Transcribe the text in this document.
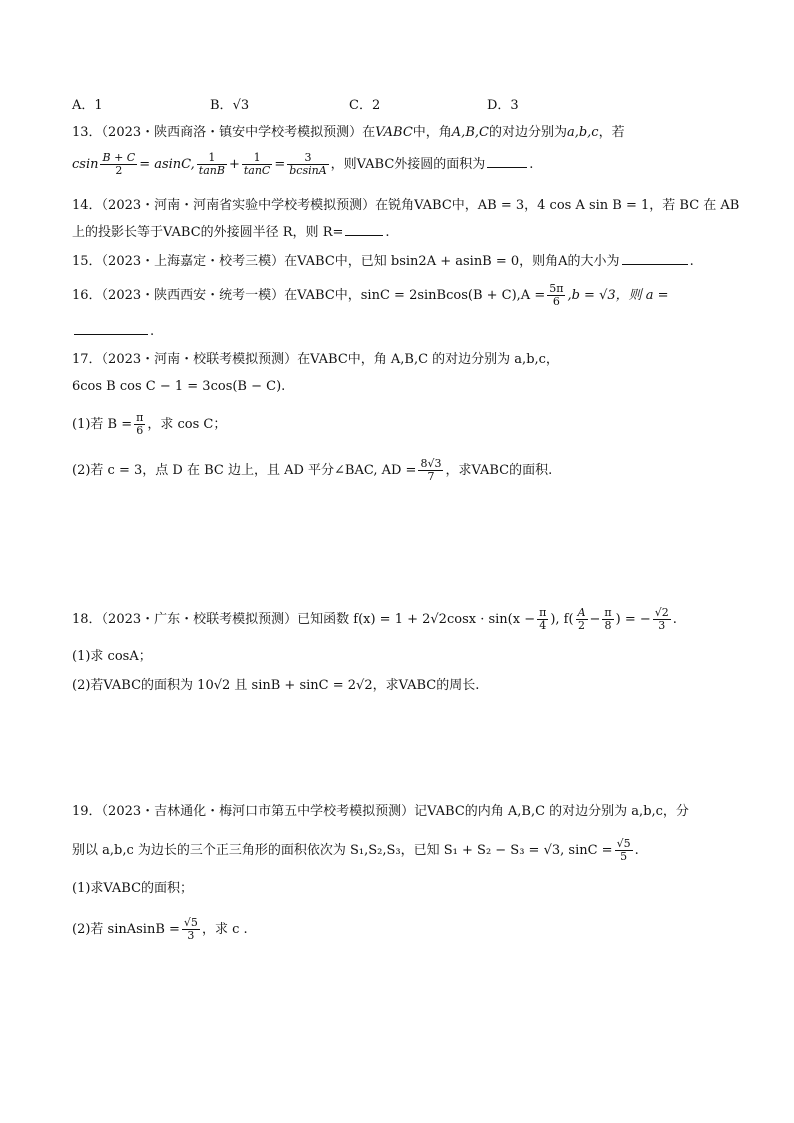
A．1	B．√3	C．2	D．3
13．（2023・陕西商洛・镇安中学校考模拟预测）在VABC中，角A,B,C的对边分别为a,b,c，若
csin $\frac{B + C}{2} = asinC$, $\frac{1}{\tan B} + \frac{1}{\tan C} = \frac{3}{bcsinA}$ ，则VABC外接圆的面积为	.
14．（2023・河南・河南省实验中学校考模拟预测）在锐角VABC中，AB = 3，4 cos A sin B = 1，若 BC 在 AB
上的投影长等于VABC的外接圆半径 R，则 R=	.
15．（2023・上海嘉定・校考三模）在VABC中，已知 bsin2A + asinB = 0，则角A的大小为	.
16．（2023・陕西西安・统考一模）在VABC中，sinC = 2sinBcos(B + $C),A = \frac{5\pi}{6} ,b = √3$，则 a =
.
17．（2023・河南・校联考模拟预测）在VABC中，角 A,B,C 的对边分别为 a,b,c，
6cos B cos C − 1 = 3cos(B − C).
(1)若 $B = \frac{\pi}{6}$ ，求 cos C；
(2)若 c = 3，点 D 在 BC 边上，且 AD 平分∠BAC, AD = $\frac{8√3}{7}$ ，求VABC的面积.
18．（2023・广东・校联考模拟预测）已知函数 $f(x) = 1 + 2√2\cos x \cdot \sin(x - \frac{\pi}{4}$ ), $f( \frac{A}{2} - \frac{\pi}{8}$ ) = − $\frac{√2}{3}$ .
(1)求 cosA；
(2)若VABC的面积为 10√2 且 sinB + sinC = 2√2，求VABC的周长.
19．（2023・吉林通化・梅河口市第五中学校考模拟预测）记VABC的内角 A,B,C 的对边分别为 a,b,c，分
别以 a,b,c 为边长的三个正三角形的面积依次为 S₁,S₂,S₃，已知 S₁ + S₂ − S₃ = √3, $\sin C = \frac{√5}{5}$ .
(1)求VABC的面积；
(2)若 sinAsinB = $\frac{√5}{3}$ ，求 c .
